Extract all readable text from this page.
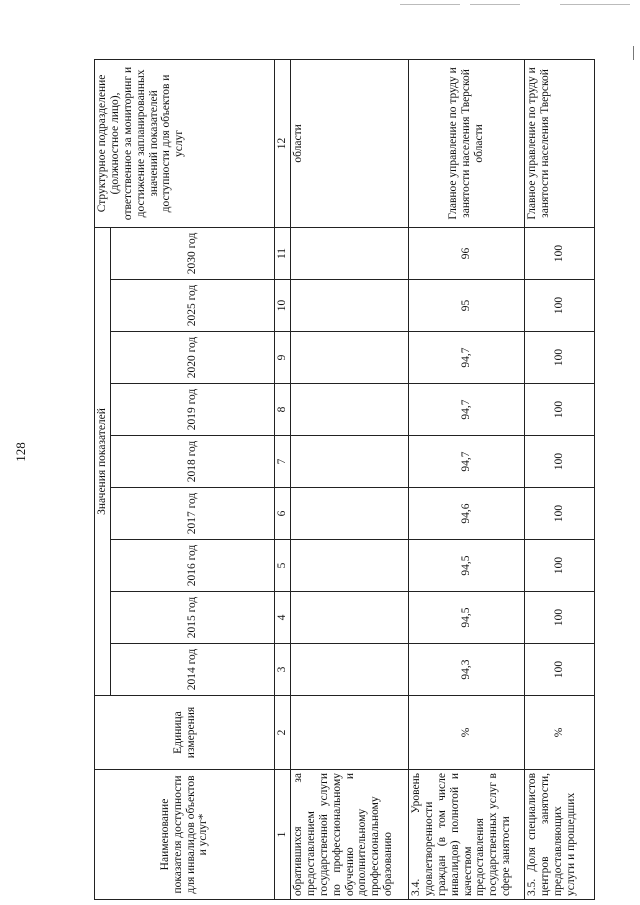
128
Наименование показателя доступности для инвалидов объектов и услуг*	Единица измерения	Значения показателей									Структурное подразделение (должностное лицо), ответственное за мониторинг и достижение запланированных значений показателей доступности для объектов и услуг
		2014 год	2015 год	2016 год	2017 год	2018 год	2019 год	2020 год	2025 год	2030 год	
1	2	3	4	5	6	7	8	9	10	11	12
обратившихся за предоставлением государственной услуги по профессиональному обучению и дополнительному профессиональному образованию											области
3.4. Уровень удовлетворенности граждан (в том числе инвалидов) полнотой и качеством предоставления государственных услуг в сфере занятости	%	94,3	94,5	94,5	94,6	94,7	94,7	94,7	95	96	Главное управление по труду и занятости населения Тверской области
3.5. Доля специалистов центров занятости, предоставляющих услуги и прошедших	%	100	100	100	100	100	100	100	100	100	Главное управление по труду и занятости населения Тверской
